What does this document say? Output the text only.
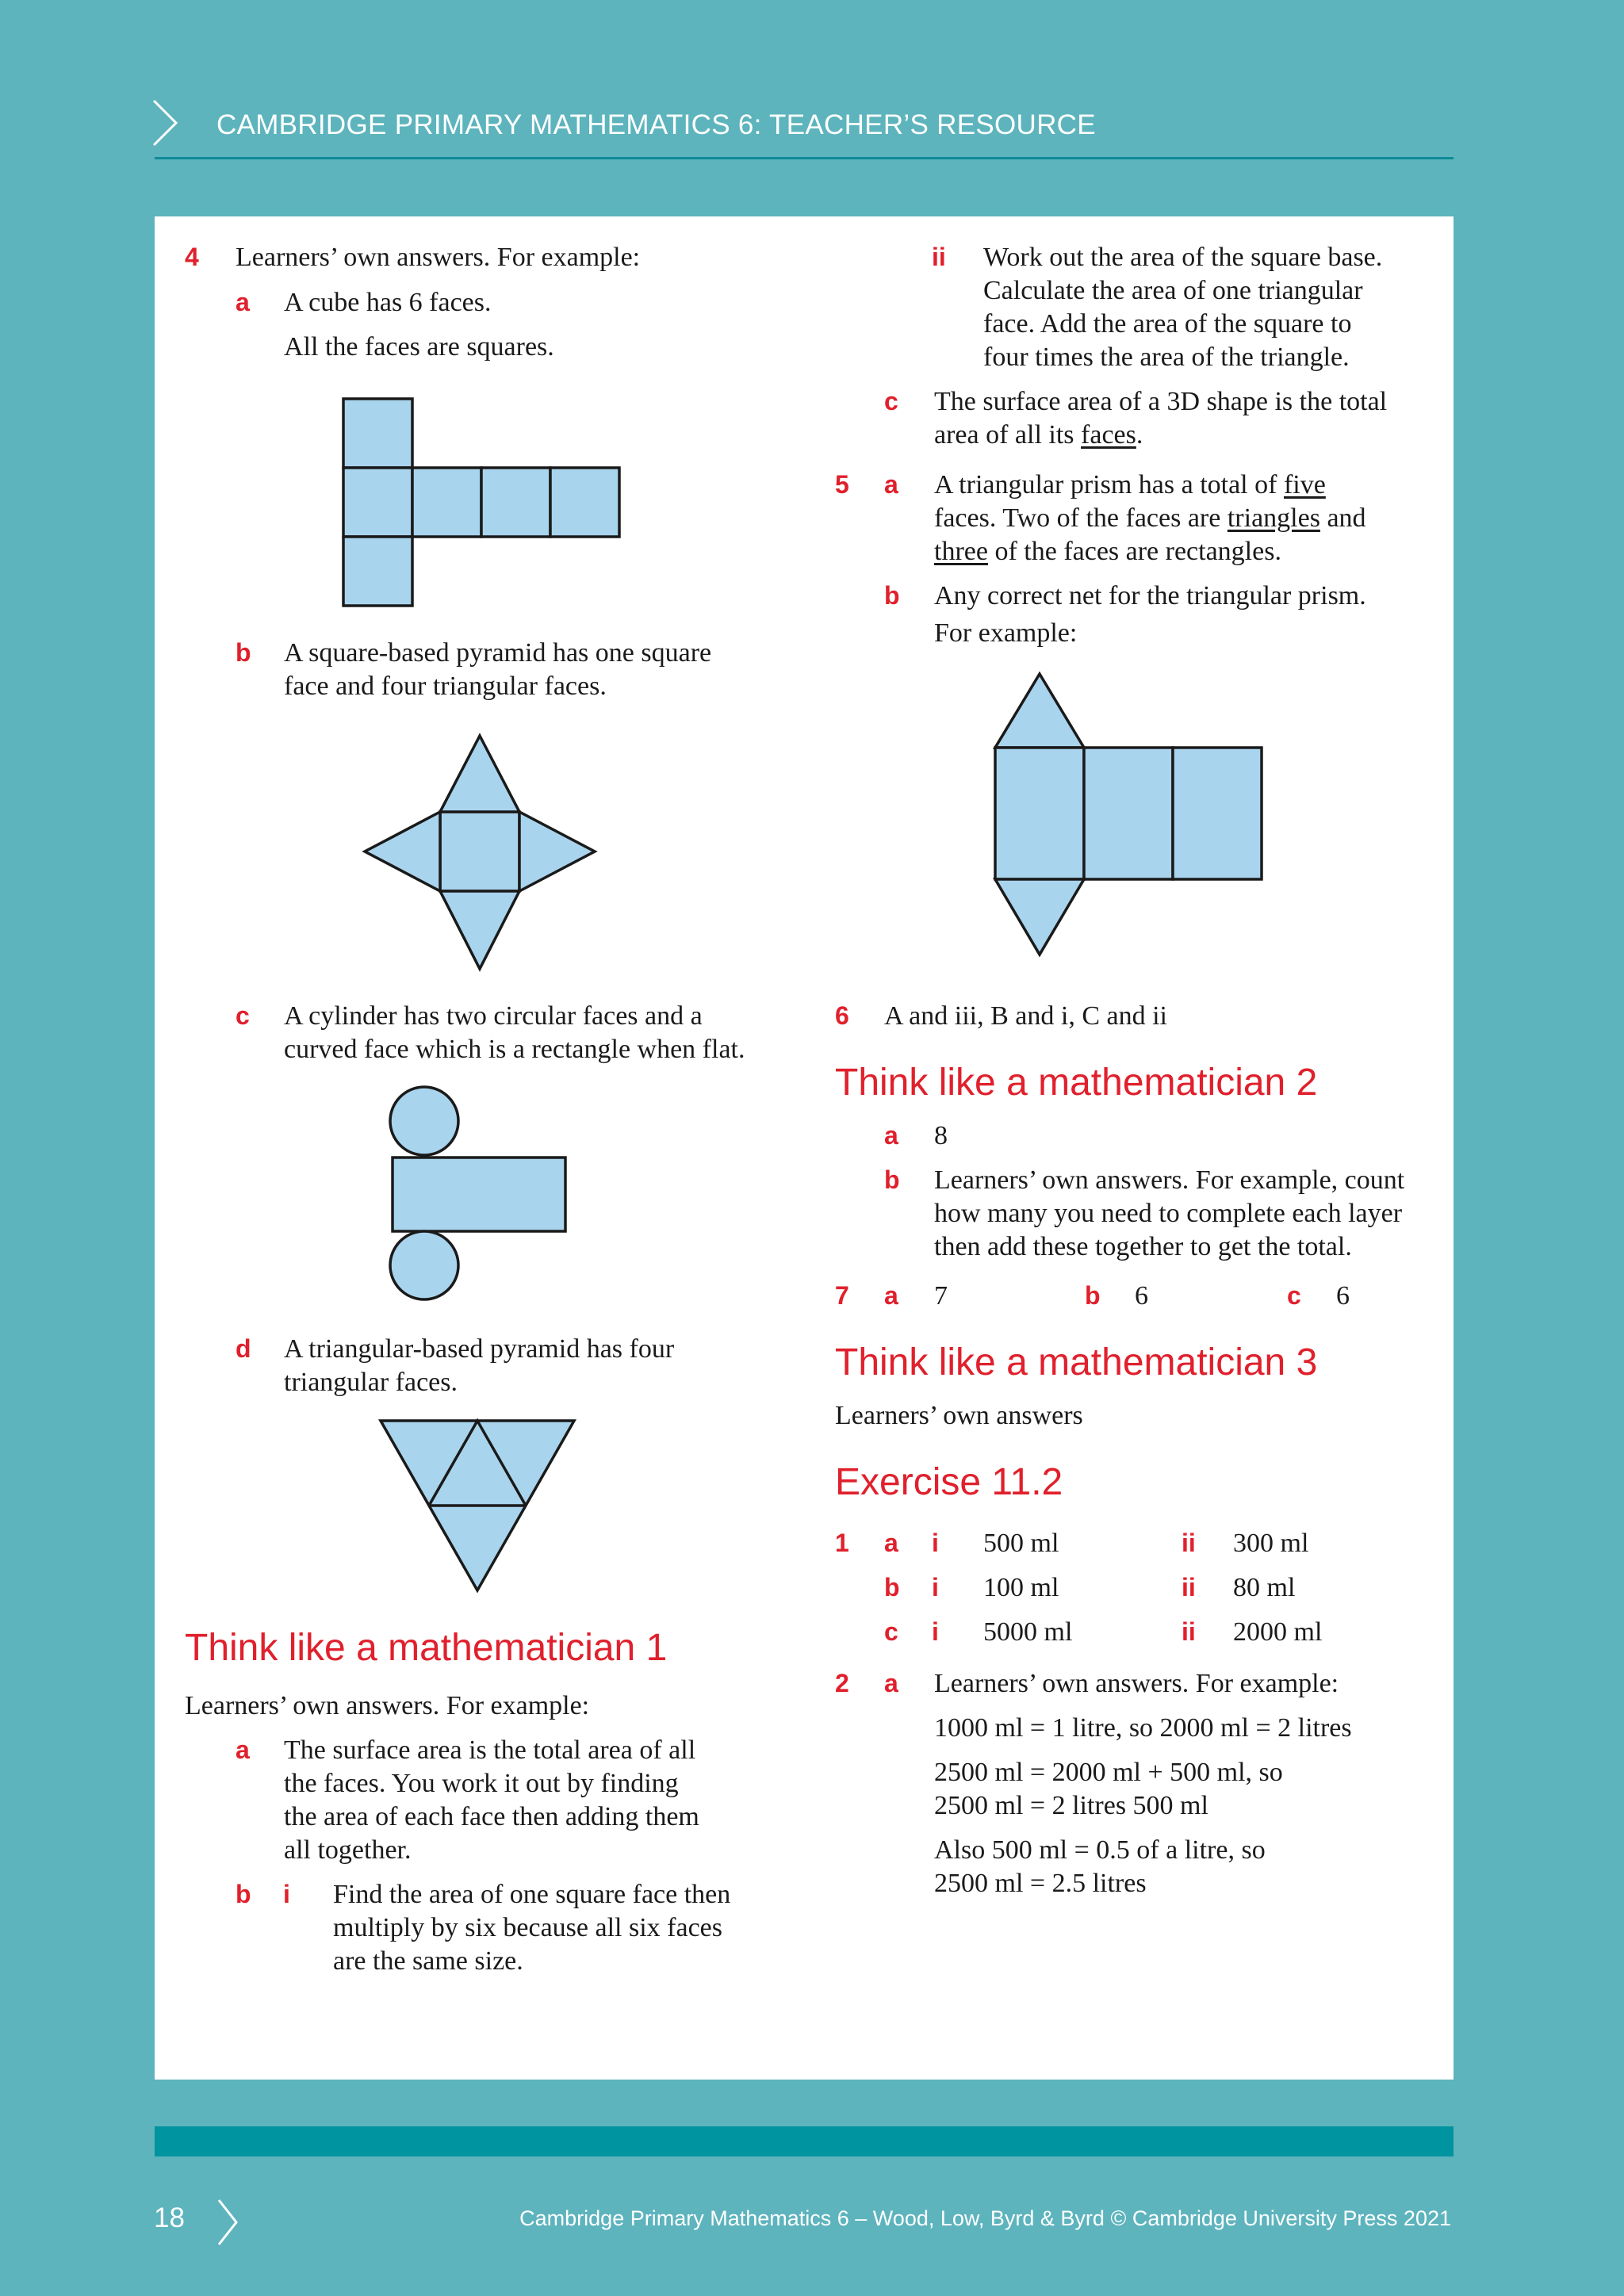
CAMBRIDGE PRIMARY MATHEMATICS 6: TEACHER’S RESOURCE
4 Learners’ own answers. For example:
a A cube has 6 faces.
All the faces are squares.
b A square-based pyramid has one square
face and four triangular faces.
c A cylinder has two circular faces and a
curved face which is a rectangle when flat.
d A triangular-based pyramid has four
triangular faces.
Think like a mathematician 1
Learners’ own answers. For example:
a The surface area is the total area of all
the faces. You work it out by finding
the area of each face then adding them
all together.
b i Find the area of one square face then
multiply by six because all six faces
are the same size.
ii Work out the area of the square base.
Calculate the area of one triangular
face. Add the area of the square to
four times the area of the triangle.
c The surface area of a 3D shape is the total
area of all its faces.
5 a A triangular prism has a total of five
faces. Two of the faces are triangles and
three of the faces are rectangles.
b Any correct net for the triangular prism.
For example:
6 A and iii, B and i, C and ii
Think like a mathematician 2
a 8
b Learners’ own answers. For example, count
how many you need to complete each layer
then add these together to get the total.
7 a 7	b 6	c 6
Think like a mathematician 3
Learners’ own answers
Exercise 11.2
1 a i 500 ml	ii 300 ml
b i 100 ml	ii 80 ml
c i 5000 ml	ii 2000 ml
2 a Learners’ own answers. For example:
1000 ml = 1 litre, so 2000 ml = 2 litres
2500 ml = 2000 ml + 500 ml, so
2500 ml = 2 litres 500 ml
Also 500 ml = 0.5 of a litre, so
2500 ml = 2.5 litres
18	Cambridge Primary Mathematics 6 – Wood, Low, Byrd & Byrd © Cambridge University Press 2021
